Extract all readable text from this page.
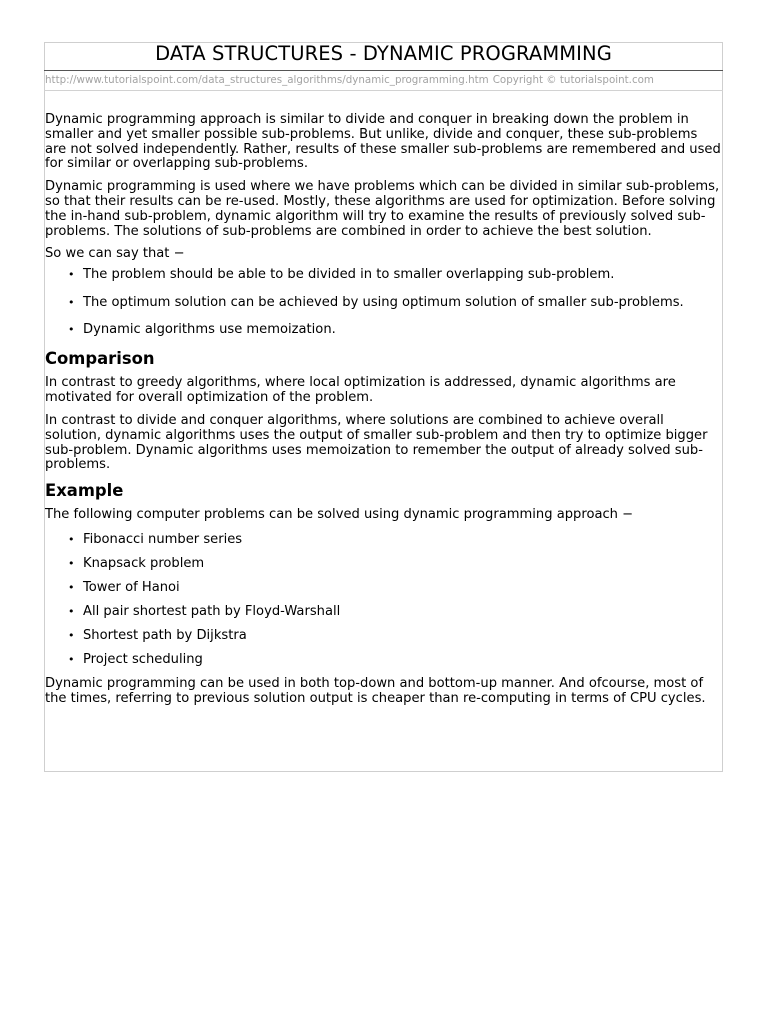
DATA STRUCTURES - DYNAMIC PROGRAMMING
http://www.tutorialspoint.com/data_structures_algorithms/dynamic_programming.htm Copyright © tutorialspoint.com

Dynamic programming approach is similar to divide and conquer in breaking down the problem in smaller and yet smaller possible sub-problems. But unlike, divide and conquer, these sub-problems are not solved independently. Rather, results of these smaller sub-problems are remembered and used for similar or overlapping sub-problems.

Dynamic programming is used where we have problems which can be divided in similar sub-problems, so that their results can be re-used. Mostly, these algorithms are used for optimization. Before solving the in-hand sub-problem, dynamic algorithm will try to examine the results of previously solved sub-problems. The solutions of sub-problems are combined in order to achieve the best solution.

So we can say that −

• The problem should be able to be divided in to smaller overlapping sub-problem.
• The optimum solution can be achieved by using optimum solution of smaller sub-problems.
• Dynamic algorithms use memoization.
Comparison

In contrast to greedy algorithms, where local optimization is addressed, dynamic algorithms are motivated for overall optimization of the problem.

In contrast to divide and conquer algorithms, where solutions are combined to achieve overall solution, dynamic algorithms uses the output of smaller sub-problem and then try to optimize bigger sub-problem. Dynamic algorithms uses memoization to remember the output of already solved sub-problems.

Example

The following computer problems can be solved using dynamic programming approach −

• Fibonacci number series
• Knapsack problem
• Tower of Hanoi
• All pair shortest path by Floyd-Warshall
• Shortest path by Dijkstra
• Project scheduling

Dynamic programming can be used in both top-down and bottom-up manner. And ofcourse, most of the times, referring to previous solution output is cheaper than re-computing in terms of CPU cycles.
